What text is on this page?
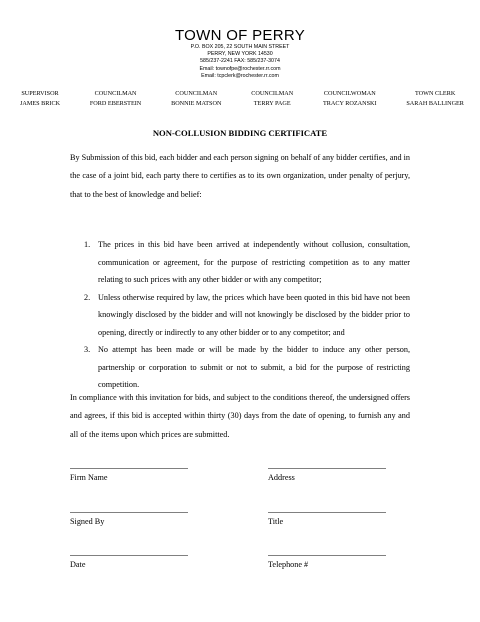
TOWN OF PERRY
P.O. BOX 205, 22 SOUTH MAIN STREET
PERRY, NEW YORK 14530
585/237-2241 FAX: 585/237-3074
Email: townofpe@rochester.rr.com
Email: tcpclerk@rochester.rr.com
SUPERVISOR
JAMES BRICK
COUNCILMAN
FORD EBERSTEIN
COUNCILMAN
BONNIE MATSON
COUNCILMAN
TERRY PAGE
COUNCILWOMAN
TRACY ROZANSKI
TOWN CLERK
SARAH BALLINGER
NON-COLLUSION BIDDING CERTIFICATE
By Submission of this bid, each bidder and each person signing on behalf of any bidder certifies, and in the case of a joint bid, each party there to certifies as to its own organization, under penalty of perjury, that to the best of knowledge and belief:
1. The prices in this bid have been arrived at independently without collusion, consultation, communication or agreement, for the purpose of restricting competition as to any matter relating to such prices with any other bidder or with any competitor;
2. Unless otherwise required by law, the prices which have been quoted in this bid have not been knowingly disclosed by the bidder and will not knowingly be disclosed by the bidder prior to opening, directly or indirectly to any other bidder or to any competitor; and
3. No attempt has been made or will be made by the bidder to induce any other person, partnership or corporation to submit or not to submit, a bid for the purpose of restricting competition.
In compliance with this invitation for bids, and subject to the conditions thereof, the undersigned offers and agrees, if this bid is accepted within thirty (30) days from the date of opening, to furnish any and all of the items upon which prices are submitted.
Firm Name	Address
Signed By	Title
Date	Telephone #
